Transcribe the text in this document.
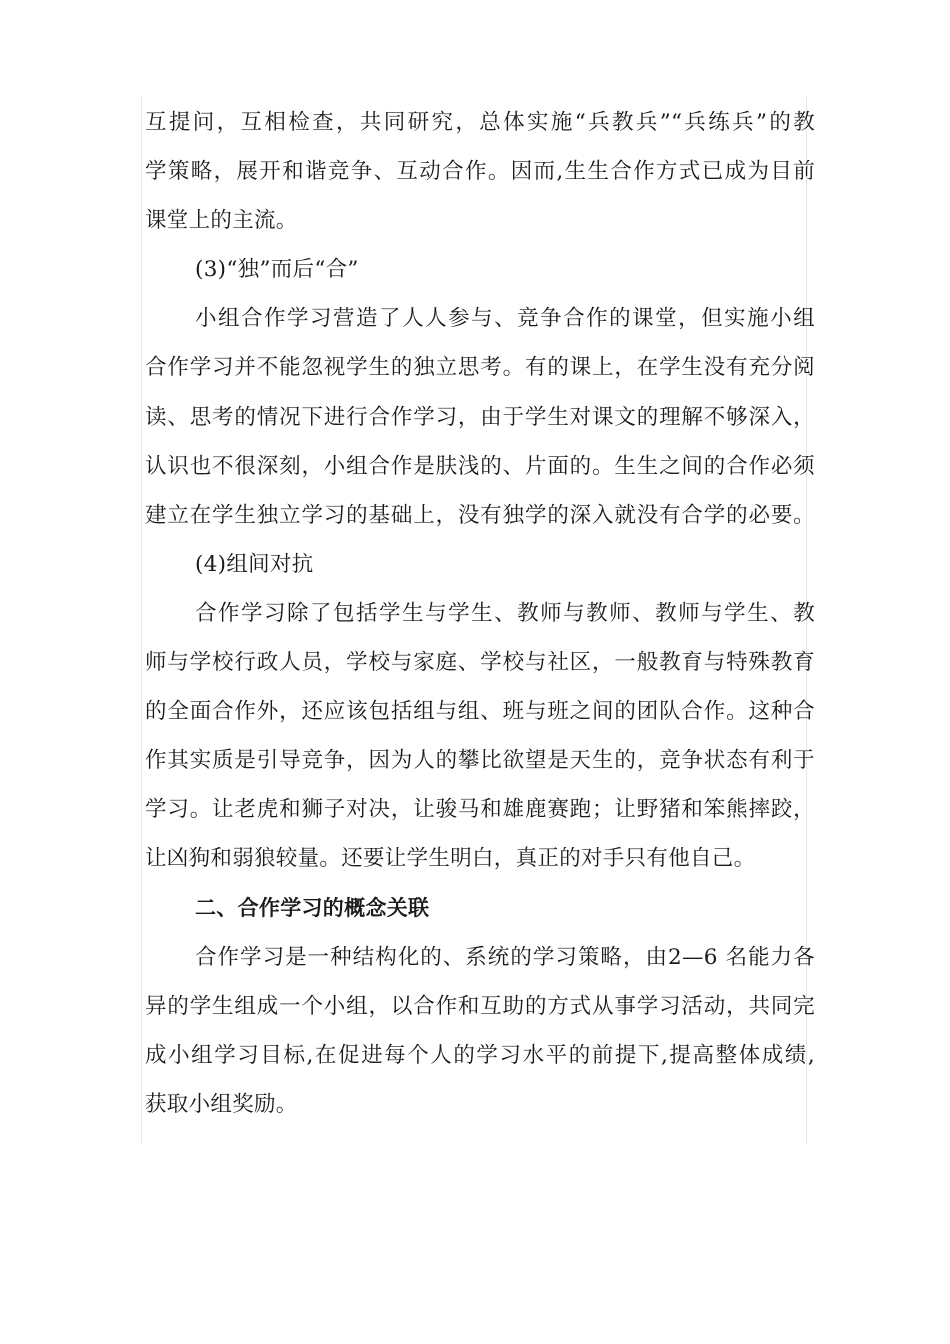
互提问，互相检查，共同研究，总体实施“兵教兵”“兵练兵”的教
学策略，展开和谐竞争、互动合作。因而,生生合作方式已成为目前
课堂上的主流。
(3)“独”而后“合”
小组合作学习营造了人人参与、竞争合作的课堂，但实施小组
合作学习并不能忽视学生的独立思考。有的课上，在学生没有充分阅
读、思考的情况下进行合作学习，由于学生对课文的理解不够深入，
认识也不很深刻，小组合作是肤浅的、片面的。生生之间的合作必须
建立在学生独立学习的基础上，没有独学的深入就没有合学的必要。
(4)组间对抗
合作学习除了包括学生与学生、教师与教师、教师与学生、教
师与学校行政人员，学校与家庭、学校与社区，一般教育与特殊教育
的全面合作外，还应该包括组与组、班与班之间的团队合作。这种合
作其实质是引导竞争，因为人的攀比欲望是天生的，竞争状态有利于
学习。让老虎和狮子对决，让骏马和雄鹿赛跑；让野猪和笨熊摔跤，
让凶狗和弱狼较量。还要让学生明白，真正的对手只有他自己。
二、合作学习的概念关联
合作学习是一种结构化的、系统的学习策略，由2—6 名能力各
异的学生组成一个小组，以合作和互助的方式从事学习活动，共同完
成小组学习目标,在促进每个人的学习水平的前提下,提高整体成绩,
获取小组奖励。
